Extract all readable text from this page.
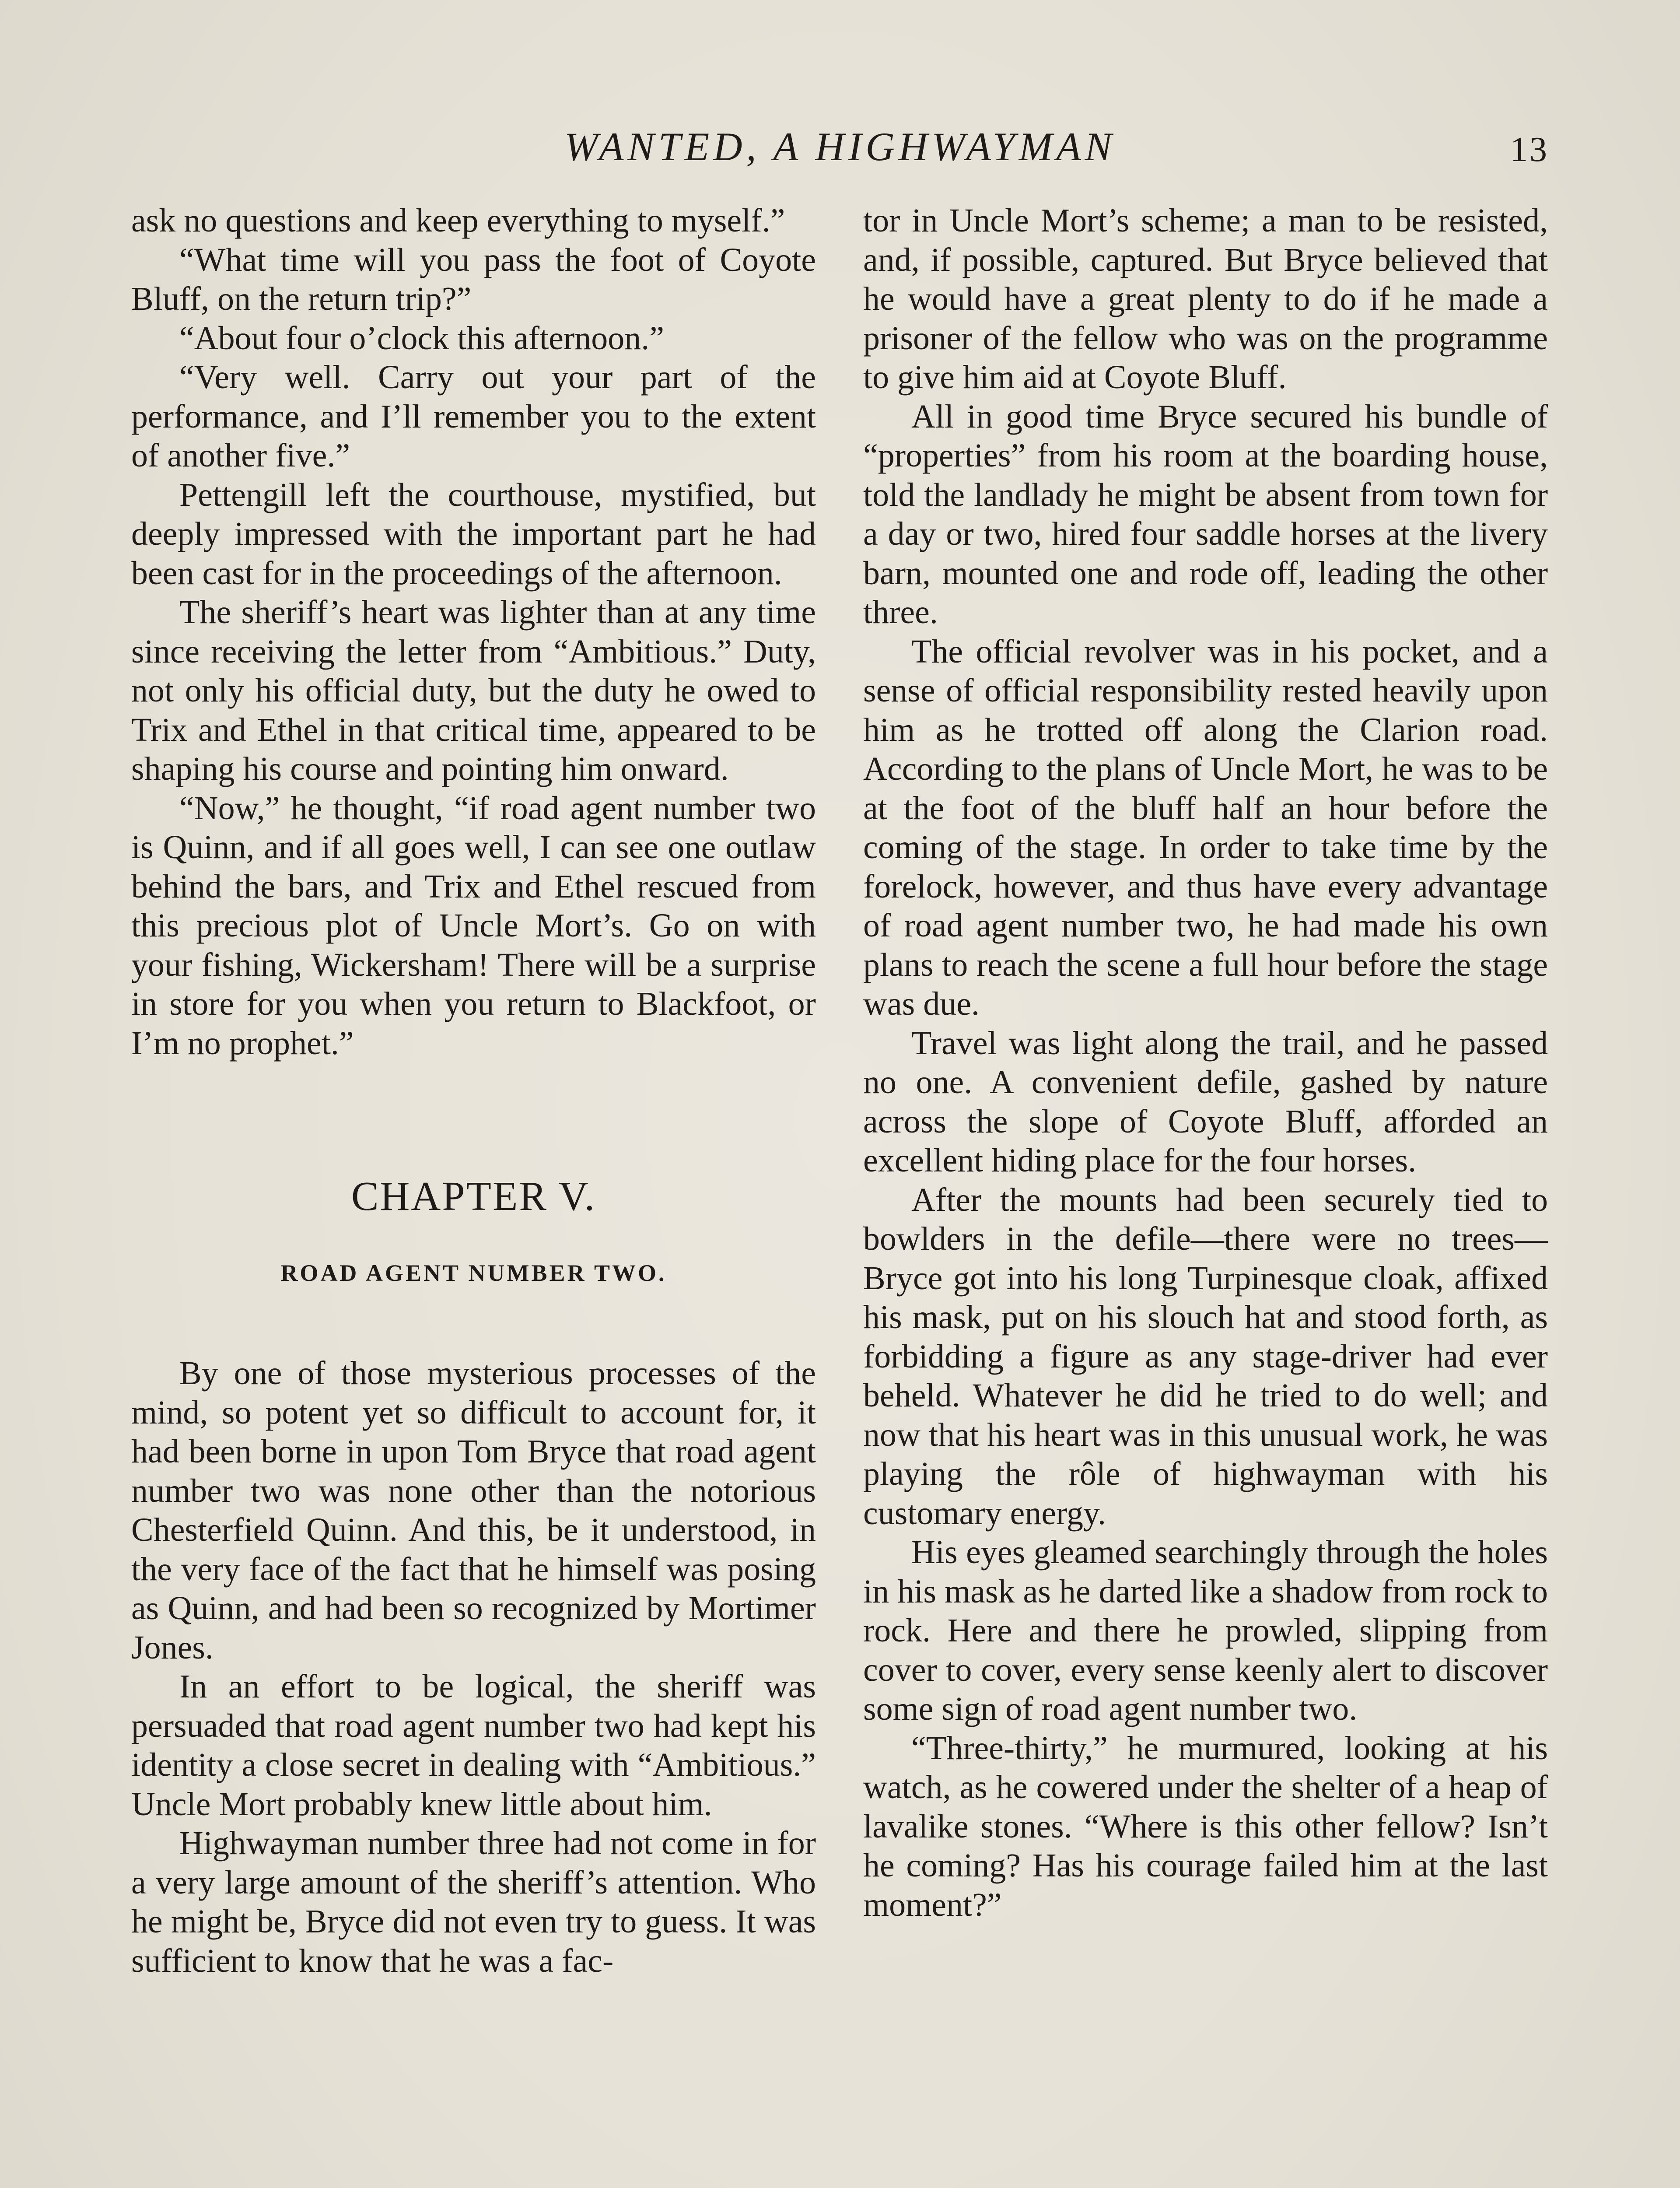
WANTED, A HIGHWAYMAN	13

ask no questions and keep everything to myself.”

“What time will you pass the foot of Coyote Bluff, on the return trip?”

“About four o’clock this afternoon.”

“Very well. Carry out your part of the performance, and I’ll remember you to the extent of another five.”

Pettengill left the courthouse, mystified, but deeply impressed with the important part he had been cast for in the proceedings of the afternoon.

The sheriff’s heart was lighter than at any time since receiving the letter from “Ambitious.” Duty, not only his official duty, but the duty he owed to Trix and Ethel in that critical time, appeared to be shaping his course and pointing him onward.

“Now,” he thought, “if road agent number two is Quinn, and if all goes well, I can see one outlaw behind the bars, and Trix and Ethel rescued from this precious plot of Uncle Mort’s. Go on with your fishing, Wickersham! There will be a surprise in store for you when you return to Blackfoot, or I’m no prophet.”

CHAPTER V.
ROAD AGENT NUMBER TWO.

By one of those mysterious processes of the mind, so potent yet so difficult to account for, it had been borne in upon Tom Bryce that road agent number two was none other than the notorious Chesterfield Quinn. And this, be it understood, in the very face of the fact that he himself was posing as Quinn, and had been so recognized by Mortimer Jones.

In an effort to be logical, the sheriff was persuaded that road agent number two had kept his identity a close secret in dealing with “Ambitious.” Uncle Mort probably knew little about him.

Highwayman number three had not come in for a very large amount of the sheriff’s attention. Who he might be, Bryce did not even try to guess. It was sufficient to know that he was a fac-

tor in Uncle Mort’s scheme; a man to be resisted, and, if possible, captured. But Bryce believed that he would have a great plenty to do if he made a prisoner of the fellow who was on the programme to give him aid at Coyote Bluff.

All in good time Bryce secured his bundle of “properties” from his room at the boarding house, told the landlady he might be absent from town for a day or two, hired four saddle horses at the livery barn, mounted one and rode off, leading the other three.

The official revolver was in his pocket, and a sense of official responsibility rested heavily upon him as he trotted off along the Clarion road. According to the plans of Uncle Mort, he was to be at the foot of the bluff half an hour before the coming of the stage. In order to take time by the forelock, however, and thus have every advantage of road agent number two, he had made his own plans to reach the scene a full hour before the stage was due.

Travel was light along the trail, and he passed no one. A convenient defile, gashed by nature across the slope of Coyote Bluff, afforded an excellent hiding place for the four horses.

After the mounts had been securely tied to bowlders in the defile—there were no trees—Bryce got into his long Turpinesque cloak, affixed his mask, put on his slouch hat and stood forth, as forbidding a figure as any stage-driver had ever beheld. Whatever he did he tried to do well; and now that his heart was in this unusual work, he was playing the rôle of highwayman with his customary energy.

His eyes gleamed searchingly through the holes in his mask as he darted like a shadow from rock to rock. Here and there he prowled, slipping from cover to cover, every sense keenly alert to discover some sign of road agent number two.

“Three-thirty,” he murmured, looking at his watch, as he cowered under the shelter of a heap of lavalike stones. “Where is this other fellow? Isn’t he coming? Has his courage failed him at the last moment?”
